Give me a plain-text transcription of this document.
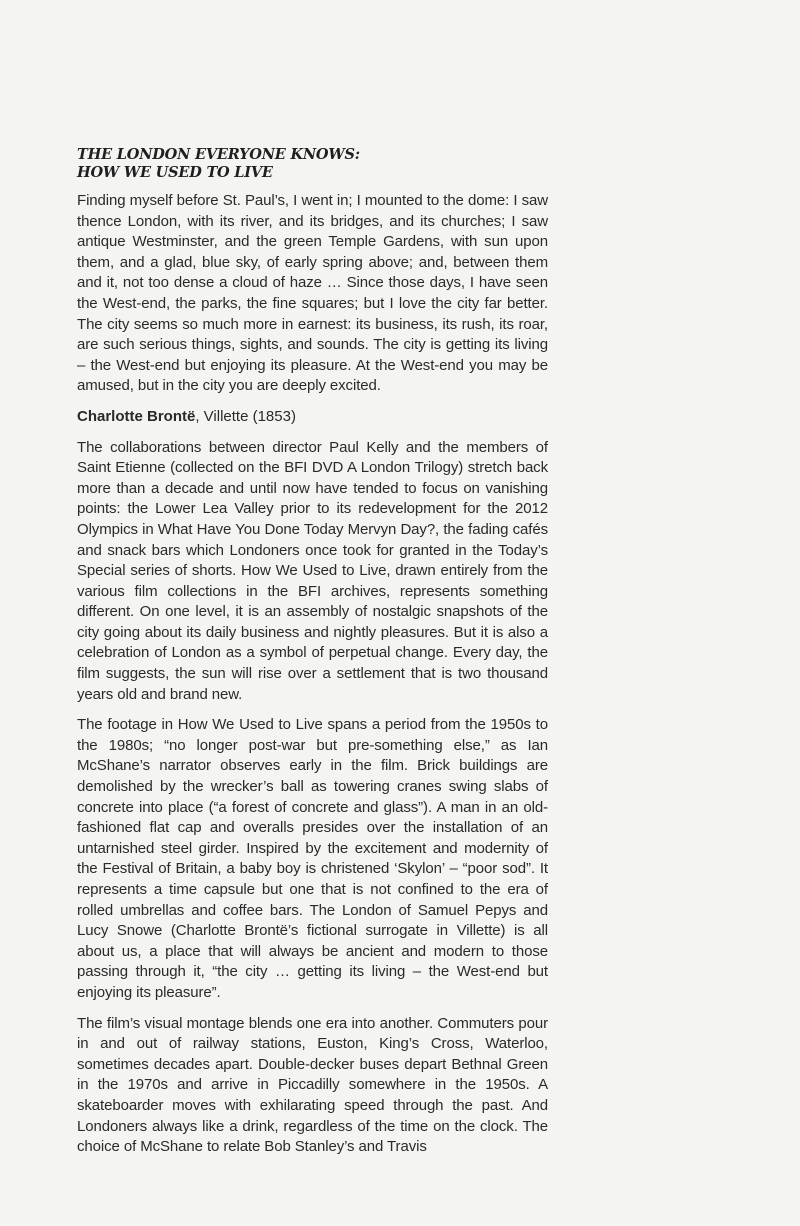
THE LONDON EVERYONE KNOWS:
HOW WE USED TO LIVE

Finding myself before St. Paul’s, I went in; I mounted to the dome: I saw thence London, with its river, and its bridges, and its churches; I saw antique Westminster, and the green Temple Gardens, with sun upon them, and a glad, blue sky, of early spring above; and, between them and it, not too dense a cloud of haze … Since those days, I have seen the West-end, the parks, the fine squares; but I love the city far better. The city seems so much more in earnest: its business, its rush, its roar, are such serious things, sights, and sounds. The city is getting its living – the West-end but enjoying its pleasure. At the West-end you may be amused, but in the city you are deeply excited.

Charlotte Brontë, Villette (1853)

The collaborations between director Paul Kelly and the members of Saint Etienne (collected on the BFI DVD A London Trilogy) stretch back more than a decade and until now have tended to focus on vanishing points: the Lower Lea Valley prior to its redevelopment for the 2012 Olympics in What Have You Done Today Mervyn Day?, the fading cafés and snack bars which Londoners once took for granted in the Today’s Special series of shorts. How We Used to Live, drawn entirely from the various film collections in the BFI archives, represents something different. On one level, it is an assembly of nostalgic snapshots of the city going about its daily business and nightly pleasures. But it is also a celebration of London as a symbol of perpetual change. Every day, the film suggests, the sun will rise over a settlement that is two thousand years old and brand new.

The footage in How We Used to Live spans a period from the 1950s to the 1980s; “no longer post-war but pre-something else,” as Ian McShane’s narrator observes early in the film. Brick buildings are demolished by the wrecker’s ball as towering cranes swing slabs of concrete into place (“a forest of concrete and glass”). A man in an old-fashioned flat cap and overalls presides over the installation of an untarnished steel girder. Inspired by the excitement and modernity of the Festival of Britain, a baby boy is christened ‘Skylon’ – “poor sod”. It represents a time capsule but one that is not confined to the era of rolled umbrellas and coffee bars. The London of Samuel Pepys and Lucy Snowe (Charlotte Brontë’s fictional surrogate in Villette) is all about us, a place that will always be ancient and modern to those passing through it, “the city … getting its living – the West-end but enjoying its pleasure”.

The film’s visual montage blends one era into another. Commuters pour in and out of railway stations, Euston, King’s Cross, Waterloo, sometimes decades apart. Double-decker buses depart Bethnal Green in the 1970s and arrive in Piccadilly somewhere in the 1950s. A skateboarder moves with exhilarating speed through the past. And Londoners always like a drink, regardless of the time on the clock. The choice of McShane to relate Bob Stanley’s and Travis
